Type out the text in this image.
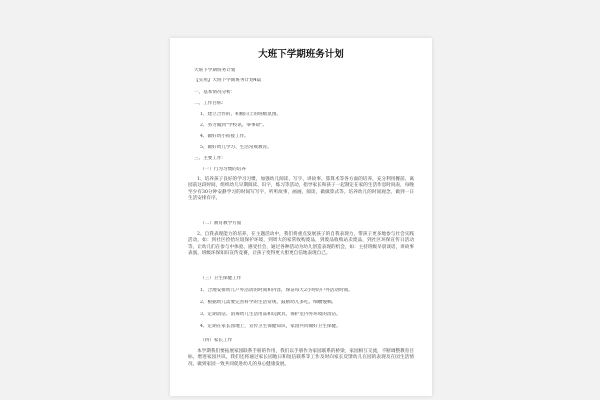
大班下学期班务计划
大班下学期班务计划
【实用】大班下学期班务计划4篇
一、基本情况分析：
二、工作目标：
1、建立合作的、积极向上的班级氛围。
2、努力做到"学校讯、零事故"。
4、做好幼小衔接工作。
5、做好幼儿学习、生活常规教育。
三、主要工作：
（一）行为习惯的培养
1、培养孩子良好的学习习惯，加强幼儿阅读、写字、讲故事、算算术等各方面的培养，充分利用餐前、离园前这段时间，组织幼儿早期阅读、识字，练习等活动，指导家长和孩子一起制定在家的生活作息时间表，每晚至少有30分钟安静学习的时间写写字，听听故事，画画，阅读，做做算式等。培养幼儿的时间观念，做到一日生活安排有序。
（二）教育教学方面
2、自我表现能力的培养，在主题活动中，我们将重点发展孩子的自我表现力，带孩子更多地参与社会实践活动，如：到社区捡拾垃圾保护环境，到周大的家常收购废品，到废品收购站卖废品，到社区环保宣传日活动等，让幼儿们在参与中体验、感受社会，通过各种活动为幼儿创造表现的机会，如：主持班级早晨谈话，讲故事表演，班级环保知识宣传竞赛，让孩子变得更大胆更自信地表现自己。
（三）卫生保健工作
1、合理安排幼儿户外活动的时间和内容，保证每天2小时的户外活动时间。
2、根据幼儿需要完善科学的生活常规，鼓励幼儿多吃、细嚼慢咽。
3、定期清洁、消毒幼儿生活用品和玩教具，保护室内外环境的清洁。
4、定期在家长园地上，宣传卫生保健知识，家园共同做好卫生保健。
（四）家长工作
本学期我们要拓展家园联系手册的作用，我们以手册作为家园联系的桥梁，家园相互交流，不断调整教育目标，增进家园共识。我们还将通过家长园地日和短信联系等工作及时向家长反馈幼儿在园的表现及在园生活情况，做到家园一致共同促进幼儿的身心健康发展。
